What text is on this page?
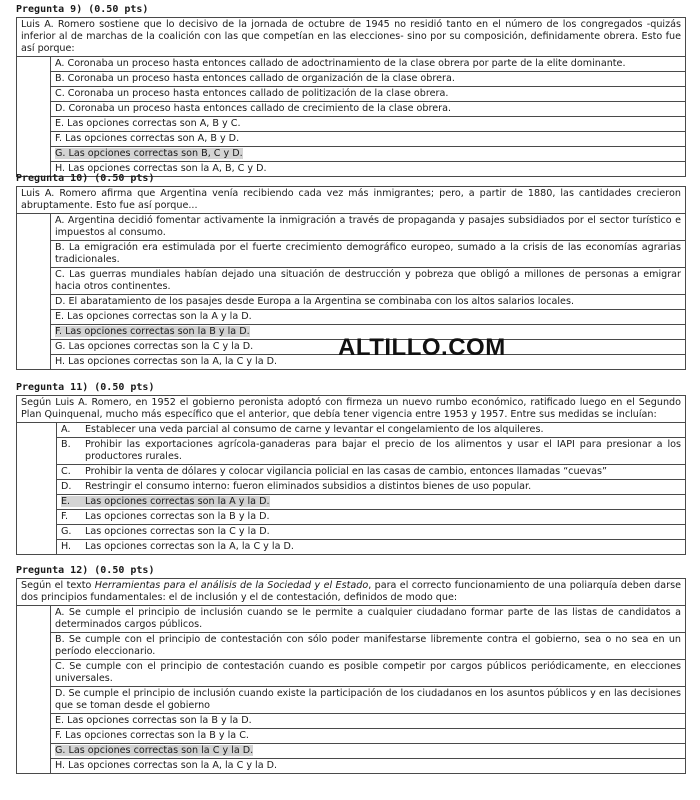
Pregunta 9) (0.50 pts)
Luis A. Romero sostiene que lo decisivo de la jornada de octubre de 1945 no residió tanto en el número de los congregados -quizás inferior al de marchas de la coalición con las que competían en las elecciones- sino por su composición, definidamente obrera. Esto fue así porque:	
	A. Coronaba un proceso hasta entonces callado de adoctrinamiento de la clase obrera por parte de la elite dominante.
	B. Coronaba un proceso hasta entonces callado de organización de la clase obrera.
	C. Coronaba un proceso hasta entonces callado de politización de la clase obrera.
	D. Coronaba un proceso hasta entonces callado de crecimiento de la clase obrera.
	E. Las opciones correctas son A, B y C.
	F. Las opciones correctas son A, B y D.
	G. Las opciones correctas son B, C y D.
	H. Las opciones correctas son la A, B, C y D.
Pregunta 10) (0.50 pts)
Luis A. Romero afirma que Argentina venía recibiendo cada vez más inmigrantes; pero, a partir de 1880, las cantidades crecieron abruptamente. Esto fue así porque...	
	A. Argentina decidió fomentar activamente la inmigración a través de propaganda y pasajes subsidiados por el sector turístico e impuestos al consumo.
	B. La emigración era estimulada por el fuerte crecimiento demográfico europeo, sumado a la crisis de las economías agrarias tradicionales.
	C. Las guerras mundiales habían dejado una situación de destrucción y pobreza que obligó a millones de personas a emigrar hacia otros continentes.
	D. El abaratamiento de los pasajes desde Europa a la Argentina se combinaba con los altos salarios locales.
	E. Las opciones correctas son la A y la D.
	F. Las opciones correctas son la B y la D.
	G. Las opciones correctas son la C y la D.
	H. Las opciones correctas son la A, la C y la D.
Pregunta 11) (0.50 pts)
Según Luis A. Romero, en 1952 el gobierno peronista adoptó con firmeza un nuevo rumbo económico, ratificado luego en el Segundo Plan Quinquenal, mucho más específico que el anterior, que debía tener vigencia entre 1953 y 1957. Entre sus medidas se incluían:	

	A. Establecer una veda parcial al consumo de carne y levantar el congelamiento de los alquileres.

	B. Prohibir las exportaciones agrícola-ganaderas para bajar el precio de los alimentos y usar el IAPI para presionar a los productores rurales.

	C. Prohibir la venta de dólares y colocar vigilancia policial en las casas de cambio, entonces llamadas “cuevas”

	D. Restringir el consumo interno: fueron eliminados subsidios a distintos bienes de uso popular.

	E. Las opciones correctas son la A y la D.
	F. Las opciones correctas son la B y la D.
	G. Las opciones correctas son la C y la D.
	H. Las opciones correctas son la A, la C y la D.
Pregunta 12) (0.50 pts)
Según el texto Herramientas para el análisis de la Sociedad y el Estado, para el correcto funcionamiento de una poliarquía deben darse dos principios fundamentales: el de inclusión y el de contestación, definidos de modo que:	
	A. Se cumple el principio de inclusión cuando se le permite a cualquier ciudadano formar parte de las listas de candidatos a determinados cargos públicos.
	B. Se cumple con el principio de contestación con sólo poder manifestarse libremente contra el gobierno, sea o no sea en un período eleccionario.
	C. Se cumple con el principio de contestación cuando es posible competir por cargos públicos periódicamente, en elecciones universales.
	D. Se cumple el principio de inclusión cuando existe la participación de los ciudadanos en los asuntos públicos y en las decisiones que se toman desde el gobierno
	E. Las opciones correctas son la B y la D.
	F. Las opciones correctas son la B y la C.
	G. Las opciones correctas son la C y la D.
	H. Las opciones correctas son la A, la C y la D.
ALTILLO.COM
